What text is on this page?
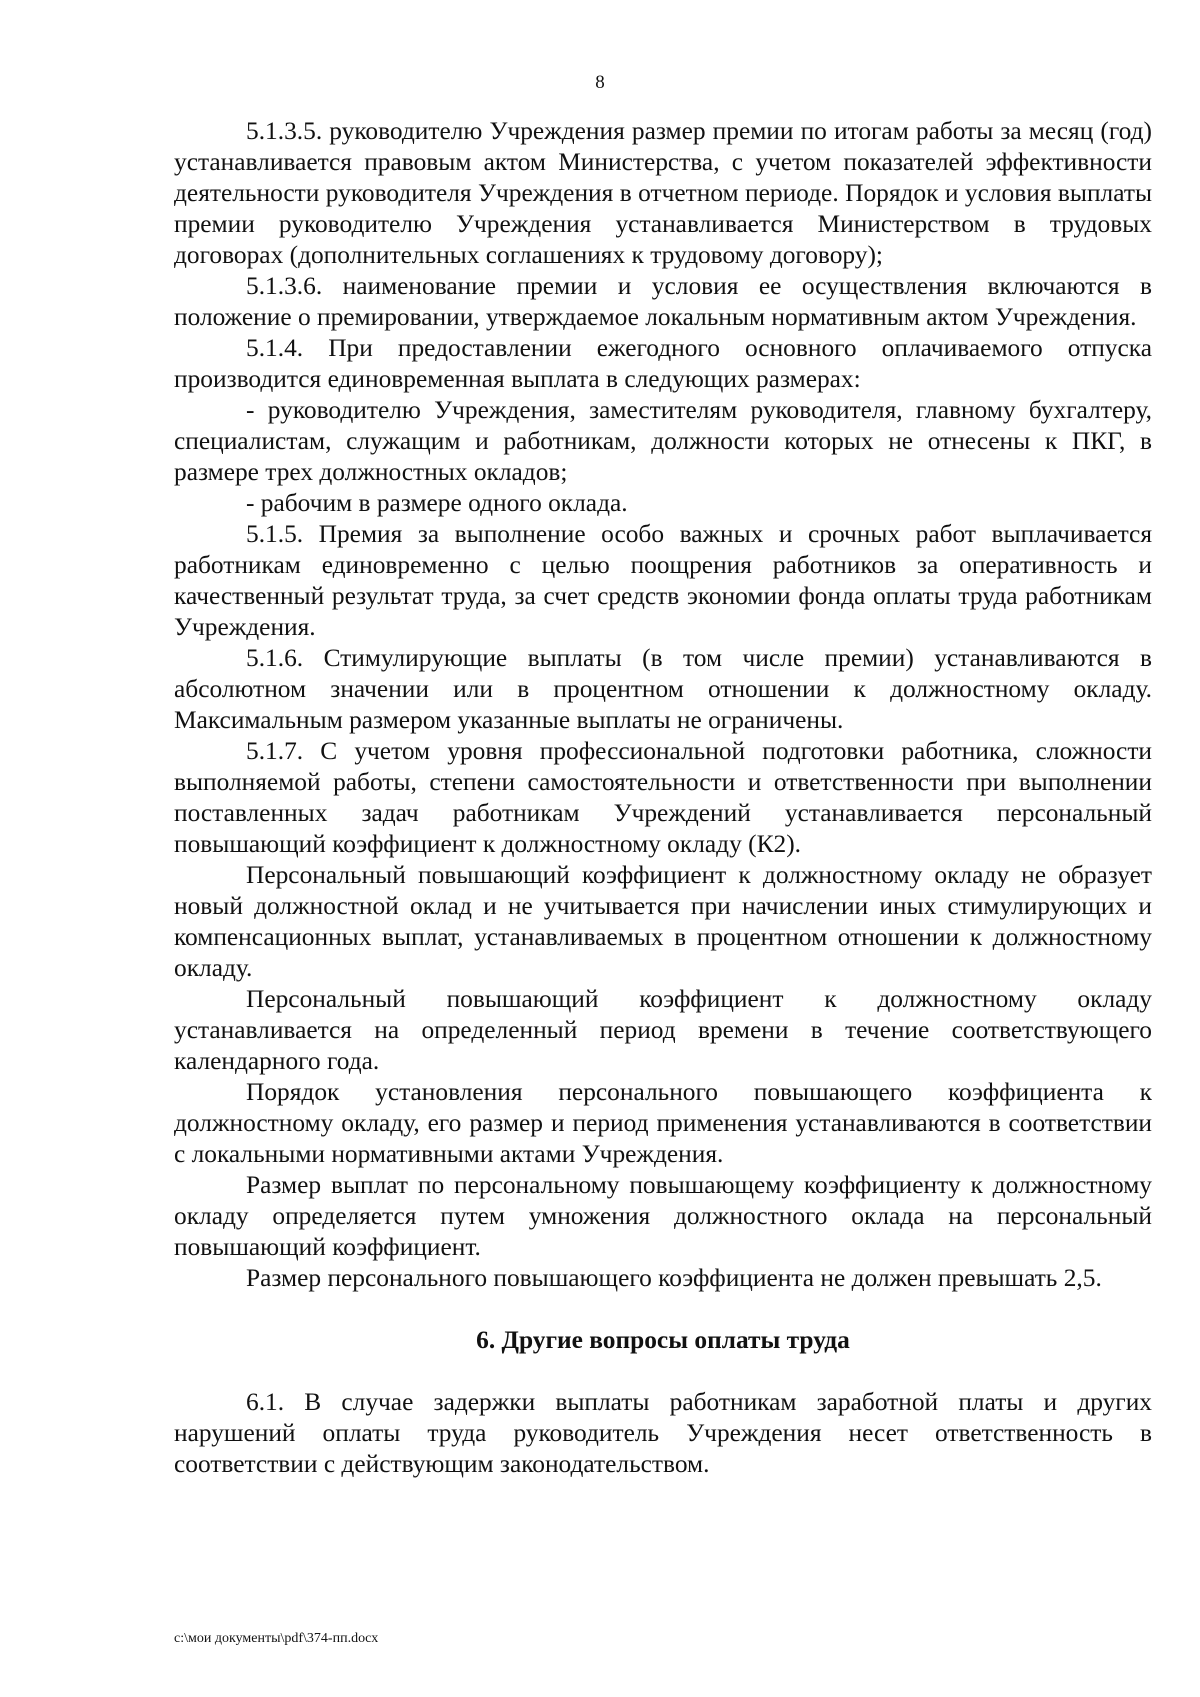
8

5.1.3.5. руководителю Учреждения размер премии по итогам работы за месяц (год) устанавливается правовым актом Министерства, с учетом показателей эффективности деятельности руководителя Учреждения в отчетном периоде. Порядок и условия выплаты премии руководителю Учреждения устанавливается Министерством в трудовых договорах (дополнительных соглашениях к трудовому договору);

5.1.3.6. наименование премии и условия ее осуществления включаются в положение о премировании, утверждаемое локальным нормативным актом Учреждения.

5.1.4. При предоставлении ежегодного основного оплачиваемого отпуска производится единовременная выплата в следующих размерах:

- руководителю Учреждения, заместителям руководителя, главному бухгалтеру, специалистам, служащим и работникам, должности которых не отнесены к ПКГ, в размере трех должностных окладов;

- рабочим в размере одного оклада.

5.1.5. Премия за выполнение особо важных и срочных работ выплачивается работникам единовременно с целью поощрения работников за оперативность и качественный результат труда, за счет средств экономии фонда оплаты труда работникам Учреждения.

5.1.6. Стимулирующие выплаты (в том числе премии) устанавливаются в абсолютном значении или в процентном отношении к должностному окладу. Максимальным размером указанные выплаты не ограничены.

5.1.7. С учетом уровня профессиональной подготовки работника, сложности выполняемой работы, степени самостоятельности и ответственности при выполнении поставленных задач работникам Учреждений устанавливается персональный повышающий коэффициент к должностному окладу (К2).

Персональный повышающий коэффициент к должностному окладу не образует новый должностной оклад и не учитывается при начислении иных стимулирующих и компенсационных выплат, устанавливаемых в процентном отношении к должностному окладу.

Персональный повышающий коэффициент к должностному окладу устанавливается на определенный период времени в течение соответствующего календарного года.

Порядок установления персонального повышающего коэффициента к должностному окладу, его размер и период применения устанавливаются в соответствии с локальными нормативными актами Учреждения.

Размер выплат по персональному повышающему коэффициенту к должностному окладу определяется путем умножения должностного оклада на персональный повышающий коэффициент.

Размер персонального повышающего коэффициента не должен превышать 2,5.

6. Другие вопросы оплаты труда

6.1. В случае задержки выплаты работникам заработной платы и других нарушений оплаты труда руководитель Учреждения несет ответственность в соответствии с действующим законодательством.

c:\мои документы\pdf\374-пп.docx
